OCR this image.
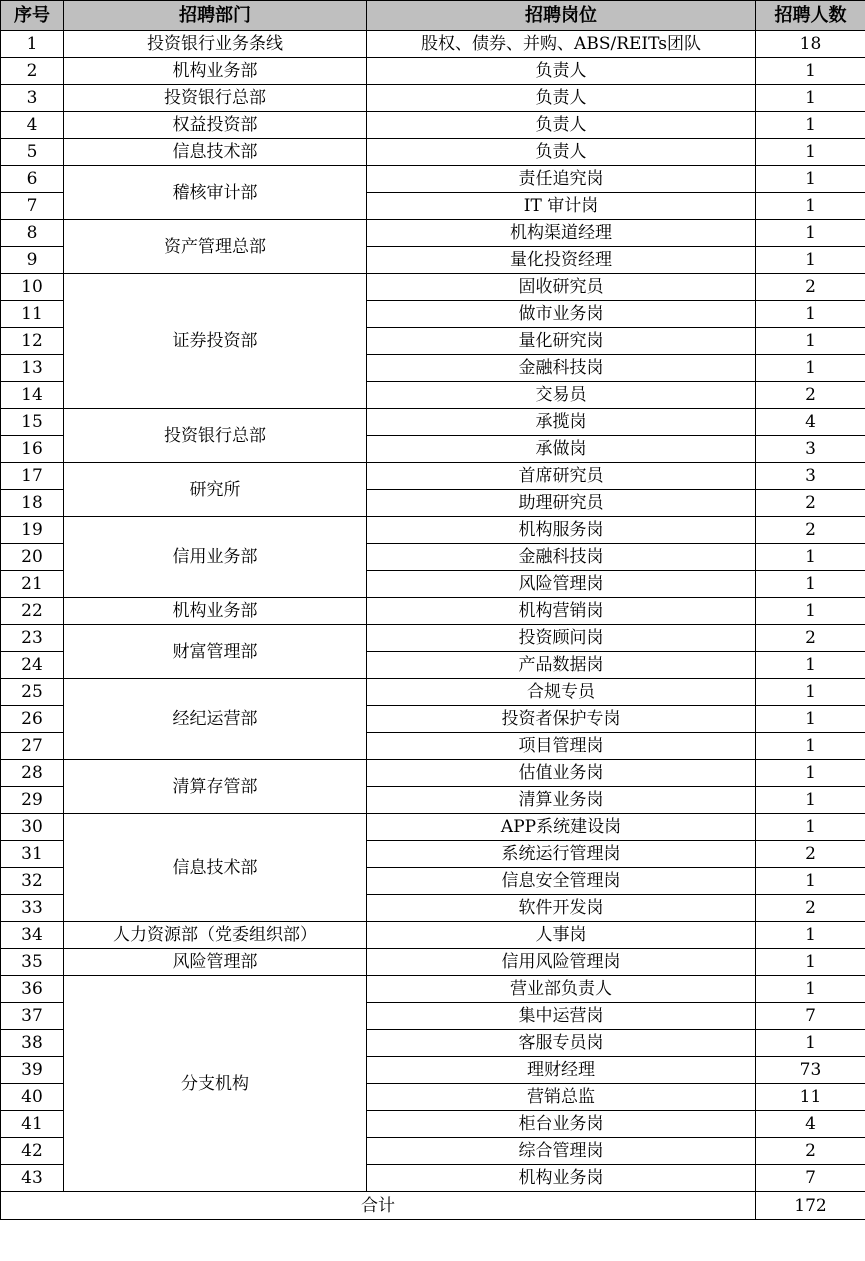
序号	招聘部门	招聘岗位	招聘人数
1	投资银行业务条线	股权、债券、并购、ABS/REITs团队	18
2	机构业务部	负责人	1
3	投资银行总部	负责人	1
4	权益投资部	负责人	1
5	信息技术部	负责人	1
6	稽核审计部	责任追究岗	1
7		IT 审计岗	1
8	资产管理总部	机构渠道经理	1
9		量化投资经理	1
10	证券投资部	固收研究员	2
11		做市业务岗	1
12		量化研究岗	1
13		金融科技岗	1
14		交易员	2
15	投资银行总部	承揽岗	4
16		承做岗	3
17	研究所	首席研究员	3
18		助理研究员	2
19	信用业务部	机构服务岗	2
20		金融科技岗	1
21		风险管理岗	1
22	机构业务部	机构营销岗	1
23	财富管理部	投资顾问岗	2
24		产品数据岗	1
25	经纪运营部	合规专员	1
26		投资者保护专岗	1
27		项目管理岗	1
28	清算存管部	估值业务岗	1
29		清算业务岗	1
30	信息技术部	APP系统建设岗	1
31		系统运行管理岗	2
32		信息安全管理岗	1
33		软件开发岗	2
34	人力资源部（党委组织部）	人事岗	1
35	风险管理部	信用风险管理岗	1
36	分支机构	营业部负责人	1
37		集中运营岗	7
38		客服专员岗	1
39		理财经理	73
40		营销总监	11
41		柜台业务岗	4
42		综合管理岗	2
43		机构业务岗	7
合计			172
